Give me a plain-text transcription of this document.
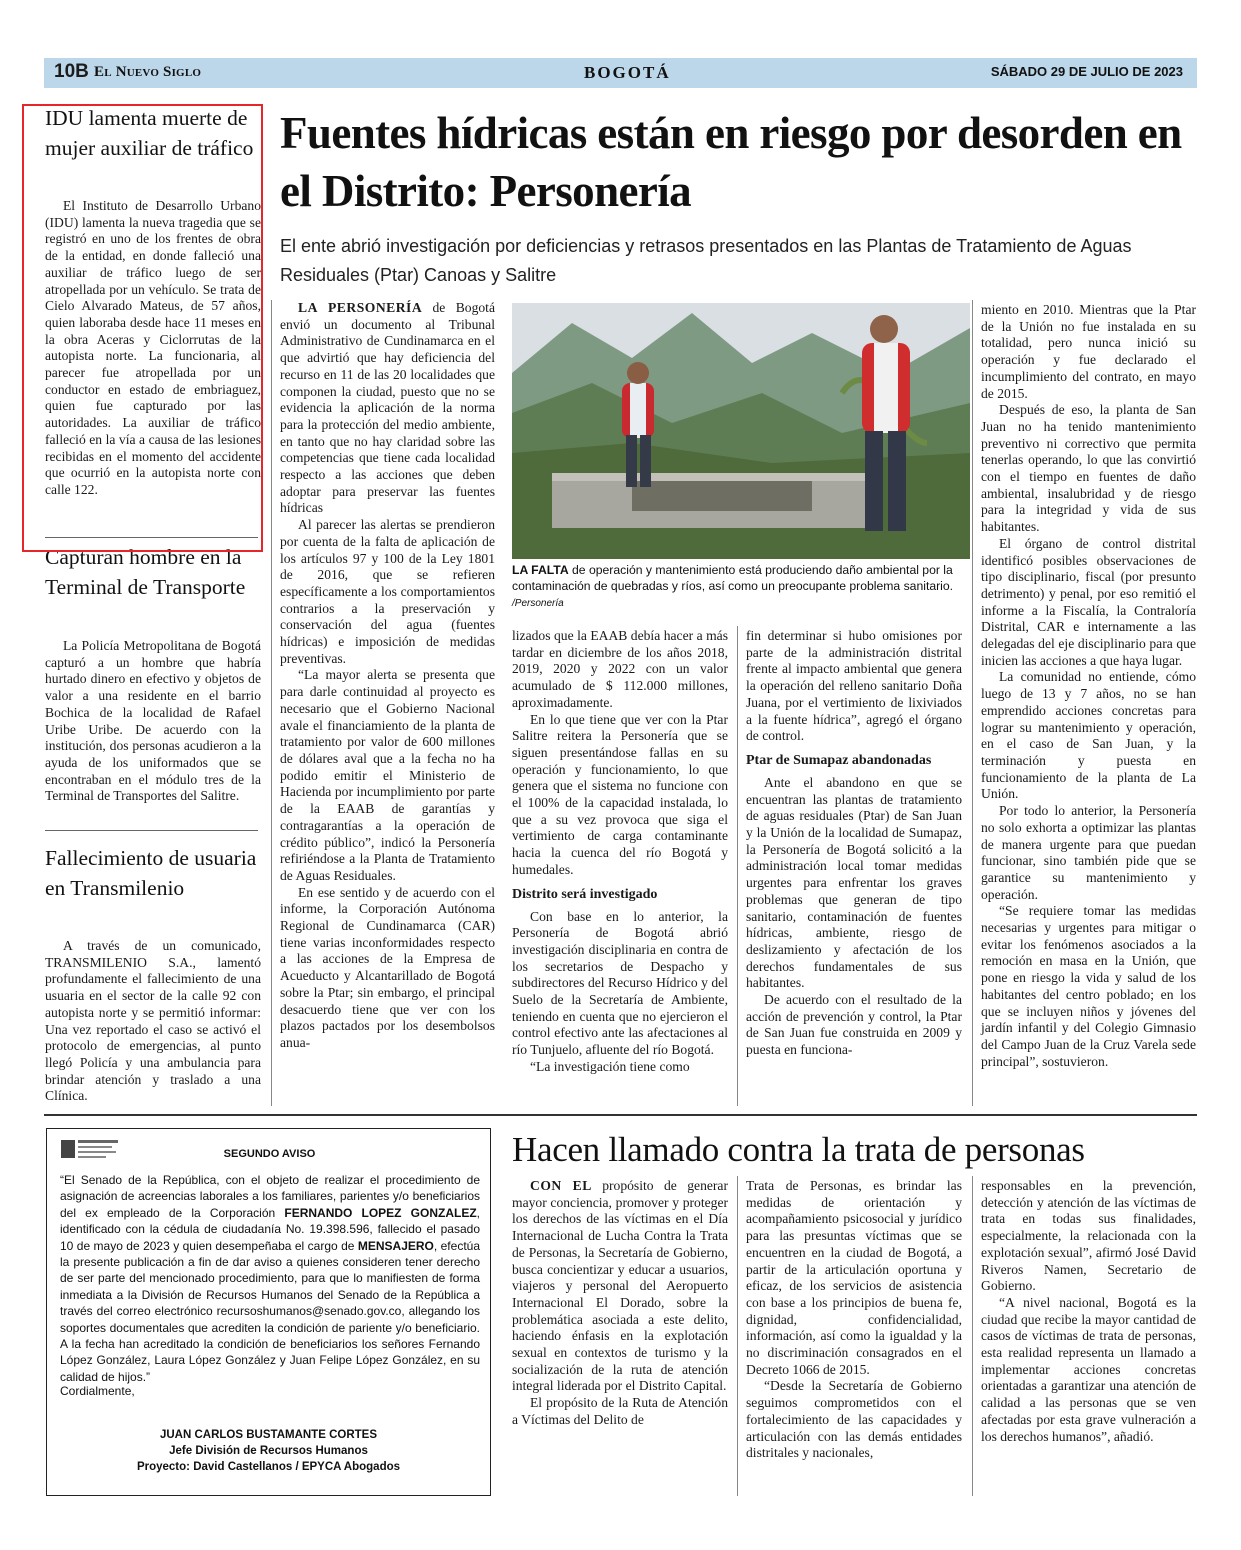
10B El Nuevo Siglo	BOGOTÁ	SÁBADO 29 DE JULIO DE 2023
IDU lamenta muerte de mujer auxiliar de tráfico

El Instituto de Desarrollo Urbano (IDU) lamenta la nueva tragedia que se registró en uno de los frentes de obra de la entidad, en donde falleció una auxiliar de tráfico luego de ser atropellada por un vehículo. Se trata de Cielo Alvarado Mateus, de 57 años, quien laboraba desde hace 11 meses en la obra Aceras y Ciclorrutas de la autopista norte. La funcionaria, al parecer fue atropellada por un conductor en estado de embriaguez, quien fue capturado por las autoridades. La auxiliar de tráfico falleció en la vía a causa de las lesiones recibidas en el momento del accidente que ocurrió en la autopista norte con calle 122.

Capturan hombre en la Terminal de Transporte

La Policía Metropolitana de Bogotá capturó a un hombre que habría hurtado dinero en efectivo y objetos de valor a una residente en el barrio Bochica de la localidad de Rafael Uribe Uribe. De acuerdo con la institución, dos personas acudieron a la ayuda de los uniformados que se encontraban en el módulo tres de la Terminal de Transportes del Salitre.

Fallecimiento de usuaria en Transmilenio

A través de un comunicado, TRANSMILENIO S.A., lamentó profundamente el fallecimiento de una usuaria en el sector de la calle 92 con autopista norte y se permitió informar: Una vez reportado el caso se activó el protocolo de emergencias, al punto llegó Policía y una ambulancia para brindar atención y traslado a una Clínica.

Fuentes hídricas están en riesgo por desorden en el Distrito: Personería
El ente abrió investigación por deficiencias y retrasos presentados en las Plantas de Tratamiento de Aguas Residuales (Ptar) Canoas y Salitre

LA PERSONERÍA de Bogotá envió un documento al Tribunal Administrativo de Cundinamarca en el que advirtió que hay deficiencia del recurso en 11 de las 20 localidades que componen la ciudad, puesto que no se evidencia la aplicación de la norma para la protección del medio ambiente, en tanto que no hay claridad sobre las competencias que tiene cada localidad respecto a las acciones que deben adoptar para preservar las fuentes hídricas

Al parecer las alertas se prendieron por cuenta de la falta de aplicación de los artículos 97 y 100 de la Ley 1801 de 2016, que se refieren específicamente a los comportamientos contrarios a la preservación y conservación del agua (fuentes hídricas) e imposición de medidas preventivas.

“La mayor alerta se presenta que para darle continuidad al proyecto es necesario que el Gobierno Nacional avale el financiamiento de la planta de tratamiento por valor de 600 millones de dólares aval que a la fecha no ha podido emitir el Ministerio de Hacienda por incumplimiento por parte de la EAAB de garantías y contragarantías a la operación de crédito público”, indicó la Personería refiriéndose a la Planta de Tratamiento de Aguas Residuales.

En ese sentido y de acuerdo con el informe, la Corporación Autónoma Regional de Cundinamarca (CAR) tiene varias inconformidades respecto a las acciones de la Empresa de Acueducto y Alcantarillado de Bogotá sobre la Ptar; sin embargo, el principal desacuerdo tiene que ver con los plazos pactados por los desembolsos anua-

LA FALTA de operación y mantenimiento está produciendo daño ambiental por la contaminación de quebradas y ríos, así como un preocupante problema sanitario. /Personería

lizados que la EAAB debía hacer a más tardar en diciembre de los años 2018, 2019, 2020 y 2022 con un valor acumulado de $ 112.000 millones, aproximadamente.

En lo que tiene que ver con la Ptar Salitre reitera la Personería que se siguen presentándose fallas en su operación y funcionamiento, lo que genera que el sistema no funcione con el 100% de la capacidad instalada, lo que a su vez provoca que siga el vertimiento de carga contaminante hacia la cuenca del río Bogotá y humedales.

Distrito será investigado

Con base en lo anterior, la Personería de Bogotá abrió investigación disciplinaria en contra de los secretarios de Despacho y subdirectores del Recurso Hídrico y del Suelo de la Secretaría de Ambiente, teniendo en cuenta que no ejercieron el control efectivo ante las afectaciones al río Tunjuelo, afluente del río Bogotá.

“La investigación tiene como

fin determinar si hubo omisiones por parte de la administración distrital frente al impacto ambiental que genera la operación del relleno sanitario Doña Juana, por el vertimiento de lixiviados a la fuente hídrica”, agregó el órgano de control.

Ptar de Sumapaz abandonadas

Ante el abandono en que se encuentran las plantas de tratamiento de aguas residuales (Ptar) de San Juan y la Unión de la localidad de Sumapaz, la Personería de Bogotá solicitó a la administración local tomar medidas urgentes para enfrentar los graves problemas que generan de tipo sanitario, contaminación de fuentes hídricas, ambiente, riesgo de deslizamiento y afectación de los derechos fundamentales de sus habitantes.

De acuerdo con el resultado de la acción de prevención y control, la Ptar de San Juan fue construida en 2009 y puesta en funciona-

miento en 2010. Mientras que la Ptar de la Unión no fue instalada en su totalidad, pero nunca inició su operación y fue declarado el incumplimiento del contrato, en mayo de 2015.

Después de eso, la planta de San Juan no ha tenido mantenimiento preventivo ni correctivo que permita tenerlas operando, lo que las convirtió con el tiempo en fuentes de daño ambiental, insalubridad y de riesgo para la integridad y vida de sus habitantes.

El órgano de control distrital identificó posibles observaciones de tipo disciplinario, fiscal (por presunto detrimento) y penal, por eso remitió el informe a la Fiscalía, la Contraloría Distrital, CAR e internamente a las delegadas del eje disciplinario para que inicien las acciones a que haya lugar.

La comunidad no entiende, cómo luego de 13 y 7 años, no se han emprendido acciones concretas para lograr su mantenimiento y operación, en el caso de San Juan, y la terminación y puesta en funcionamiento de la planta de La Unión.

Por todo lo anterior, la Personería no solo exhorta a optimizar las plantas de manera urgente para que puedan funcionar, sino también pide que se garantice su mantenimiento y operación.

“Se requiere tomar las medidas necesarias y urgentes para mitigar o evitar los fenómenos asociados a la remoción en masa en la Unión, que pone en riesgo la vida y salud de los habitantes del centro poblado; en los que se incluyen niños y jóvenes del jardín infantil y del Colegio Gimnasio del Campo Juan de la Cruz Varela sede principal”, sostuvieron.

SEGUNDO AVISO
“El Senado de la República, con el objeto de realizar el procedimiento de asignación de acreencias laborales a los familiares, parientes y/o beneficiarios del ex empleado de la Corporación FERNANDO LOPEZ GONZALEZ, identificado con la cédula de ciudadanía No. 19.398.596, fallecido el pasado 10 de mayo de 2023 y quien desempeñaba el cargo de MENSAJERO, efectúa la presente publicación a fin de dar aviso a quienes consideren tener derecho de ser parte del mencionado procedimiento, para que lo manifiesten de forma inmediata a la División de Recursos Humanos del Senado de la República a través del correo electrónico recursoshumanos@senado.gov.co, allegando los soportes documentales que acrediten la condición de pariente y/o beneficiario. A la fecha han acreditado la condición de beneficiarios los señores Fernando López González, Laura López González y Juan Felipe López González, en su calidad de hijos.”
Cordialmente,
JUAN CARLOS BUSTAMANTE CORTES
Jefe División de Recursos Humanos
Proyecto: David Castellanos / EPYCA Abogados
Hacen llamado contra la trata de personas

CON EL propósito de generar mayor conciencia, promover y proteger los derechos de las víctimas en el Día Internacional de Lucha Contra la Trata de Personas, la Secretaría de Gobierno, busca concientizar y educar a usuarios, viajeros y personal del Aeropuerto Internacional El Dorado, sobre la problemática asociada a este delito, haciendo énfasis en la explotación sexual en contextos de turismo y la socialización de la ruta de atención integral liderada por el Distrito Capital.

El propósito de la Ruta de Atención a Víctimas del Delito de

Trata de Personas, es brindar las medidas de orientación y acompañamiento psicosocial y jurídico para las presuntas víctimas que se encuentren en la ciudad de Bogotá, a partir de la articulación oportuna y eficaz, de los servicios de asistencia con base a los principios de buena fe, dignidad, confidencialidad, información, así como la igualdad y la no discriminación consagrados en el Decreto 1066 de 2015.

“Desde la Secretaría de Gobierno seguimos comprometidos con el fortalecimiento de las capacidades y articulación con las demás entidades distritales y nacionales,

responsables en la prevención, detección y atención de las víctimas de trata en todas sus finalidades, especialmente, la relacionada con la explotación sexual”, afirmó José David Riveros Namen, Secretario de Gobierno.

“A nivel nacional, Bogotá es la ciudad que recibe la mayor cantidad de casos de víctimas de trata de personas, esta realidad representa un llamado a implementar acciones concretas orientadas a garantizar una atención de calidad a las personas que se ven afectadas por esta grave vulneración a los derechos humanos”, añadió.
